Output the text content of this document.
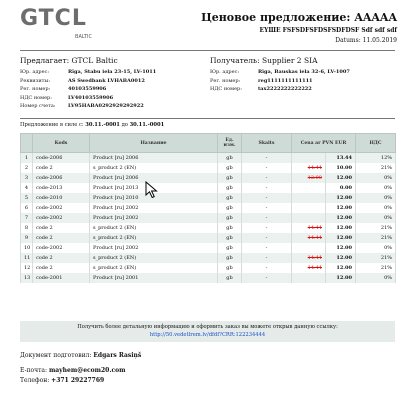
GTCL
BALTIC
Ценовое предложение: AAAAA
EYШE FSFSDFSFDSFSDFDSF Sdf sdf sdf
Datums: 11.05.2019
Предлагает: GTCL Baltic
Юр. адрес:	Rīga, Stabu iela 23-15, LV-1011
Реквизиты:	AS Swedbank LVHABA0012
Рег. номер:	40103559906
НДС номер:	LV40103559906
Номер счета:	LV95HABA0292929292922
Получатель: Supplier 2 SIA
Юр. адрес:	Rīga, Bauskas iela 32-6, LV-1007
Рег. номер:	reg1111111111111
НДС номер:	tax2222222222222
Предложение в силе с: 30.11.-0001 до 30.11.-0001
	Kods	Название	Ед. изм.	Skaits	Cena ar PVN EUR		НДС
1	code-2006	Product [ru] 2006	gb	-		13.44	12%
2	code 2	s_product 2 (EN)	gb	-	14.44	10.00	21%
3	code-2006	Product [ru] 2006	gb	-	12.00	12.00	0%
4	code-2013	Product [ru] 2013	gb	-		0.00	0%
5	code-2010	Product [ru] 2010	gb	-		12.00	0%
6	code-2002	Product [ru] 2002	gb	-		12.00	0%
7	code-2002	Product [ru] 2002	gb	-		12.00	0%
8	code 2	s_product 2 (EN)	gb	-	14.44	12.00	21%
9	code 2	s_product 2 (EN)	gb	-	14.44	12.00	21%
10	code-2002	Product [ru] 2002	gb	-		12.00	0%
11	code 2	s_product 2 (EN)	gb	-	14.44	12.00	21%
12	code 2	s_product 2 (EN)	gb	-	14.44	12.00	21%
13	code-2001	Product [ru] 2001	gb	-		12.00	0%
Получить более детальную информацию и оформить заказ вы можете открыв данную ссылку:
http://50.vedetlrem.lv/dfdf?CRR:122234444
Документ подготовил: Edgars Rasiņš
E-почта: mayhem@ecom20.com
Телефон: +371 29227769
